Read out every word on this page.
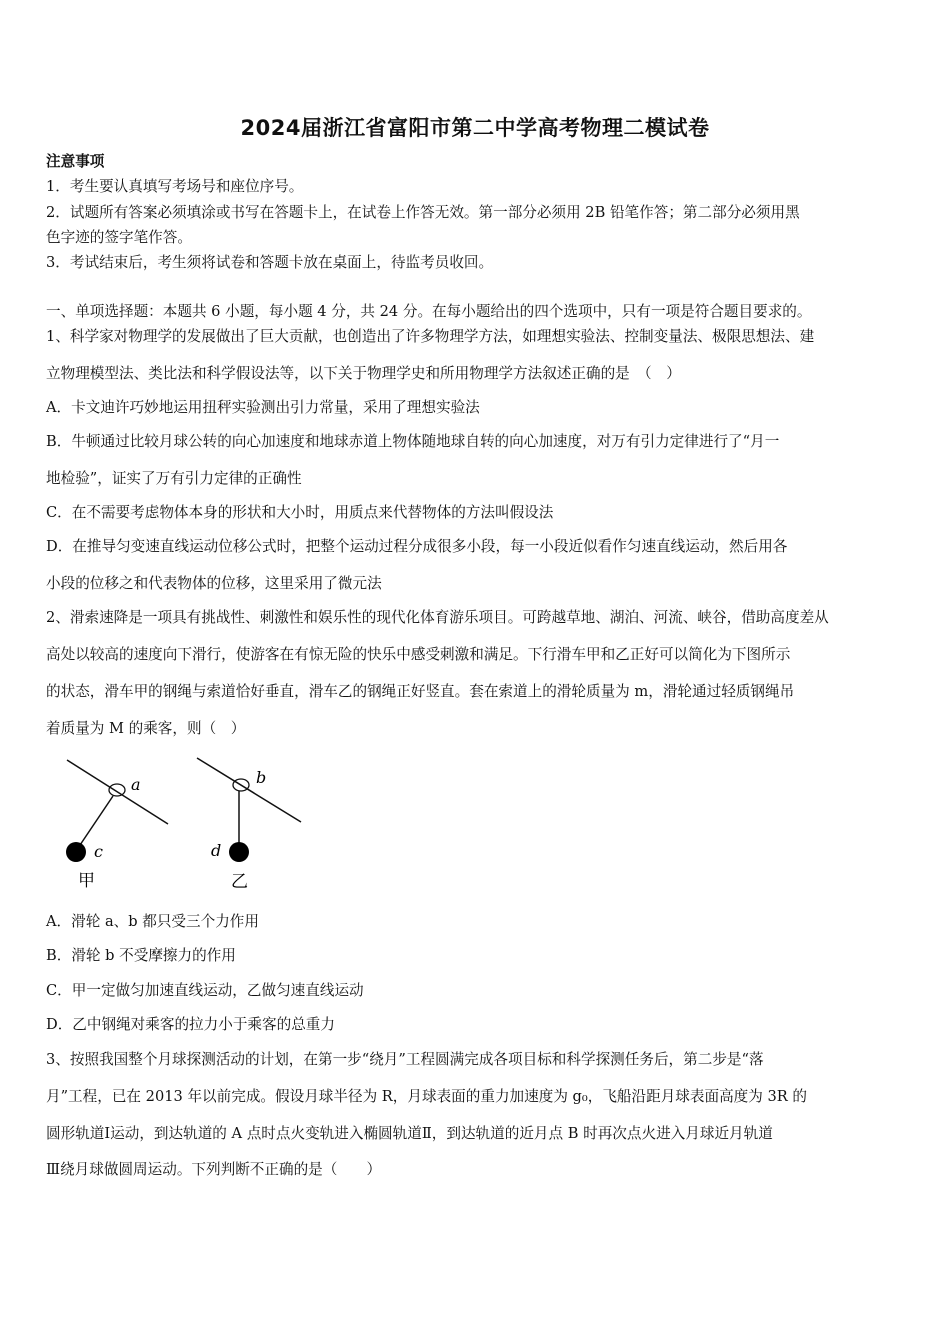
2024届浙江省富阳市第二中学高考物理二模试卷
注意事项
1．考生要认真填写考场号和座位序号。
2．试题所有答案必须填涂或书写在答题卡上，在试卷上作答无效。第一部分必须用 2B 铅笔作答；第二部分必须用黑
色字迹的签字笔作答。
3．考试结束后，考生须将试卷和答题卡放在桌面上，待监考员收回。
一、单项选择题：本题共 6 小题，每小题 4 分，共 24 分。在每小题给出的四个选项中，只有一项是符合题目要求的。
1、科学家对物理学的发展做出了巨大贡献，也创造出了许多物理学方法，如理想实验法、控制变量法、极限思想法、建
立物理模型法、类比法和科学假设法等，以下关于物理学史和所用物理学方法叙述正确的是　（　）
A．卡文迪许巧妙地运用扭秤实验测出引力常量，采用了理想实验法
B．牛顿通过比较月球公转的向心加速度和地球赤道上物体随地球自转的向心加速度，对万有引力定律进行了“月一
地检验”，证实了万有引力定律的正确性
C．在不需要考虑物体本身的形状和大小时，用质点来代替物体的方法叫假设法
D．在推导匀变速直线运动位移公式时，把整个运动过程分成很多小段，每一小段近似看作匀速直线运动，然后用各
小段的位移之和代表物体的位移，这里采用了微元法
2、滑索速降是一项具有挑战性、刺激性和娱乐性的现代化体育游乐项目。可跨越草地、湖泊、河流、峡谷，借助高度差从
高处以较高的速度向下滑行，使游客在有惊无险的快乐中感受刺激和满足。下行滑车甲和乙正好可以简化为下图所示
的状态，滑车甲的钢绳与索道恰好垂直，滑车乙的钢绳正好竖直。套在索道上的滑轮质量为 m，滑轮通过轻质钢绳吊
着质量为 M 的乘客，则（　）
a
c
甲
b
d
乙
A．滑轮 a、b 都只受三个力作用
B．滑轮 b 不受摩擦力的作用
C．甲一定做匀加速直线运动，乙做匀速直线运动
D．乙中钢绳对乘客的拉力小于乘客的总重力
3、按照我国整个月球探测活动的计划，在第一步“绕月”工程圆满完成各项目标和科学探测任务后，第二步是“落
月”工程，已在 2013 年以前完成。假设月球半径为 R，月球表面的重力加速度为 g₀，飞船沿距月球表面高度为 3R 的
圆形轨道Ⅰ运动，到达轨道的 A 点时点火变轨进入椭圆轨道Ⅱ，到达轨道的近月点 B 时再次点火进入月球近月轨道
Ⅲ绕月球做圆周运动。下列判断不正确的是（　　）
